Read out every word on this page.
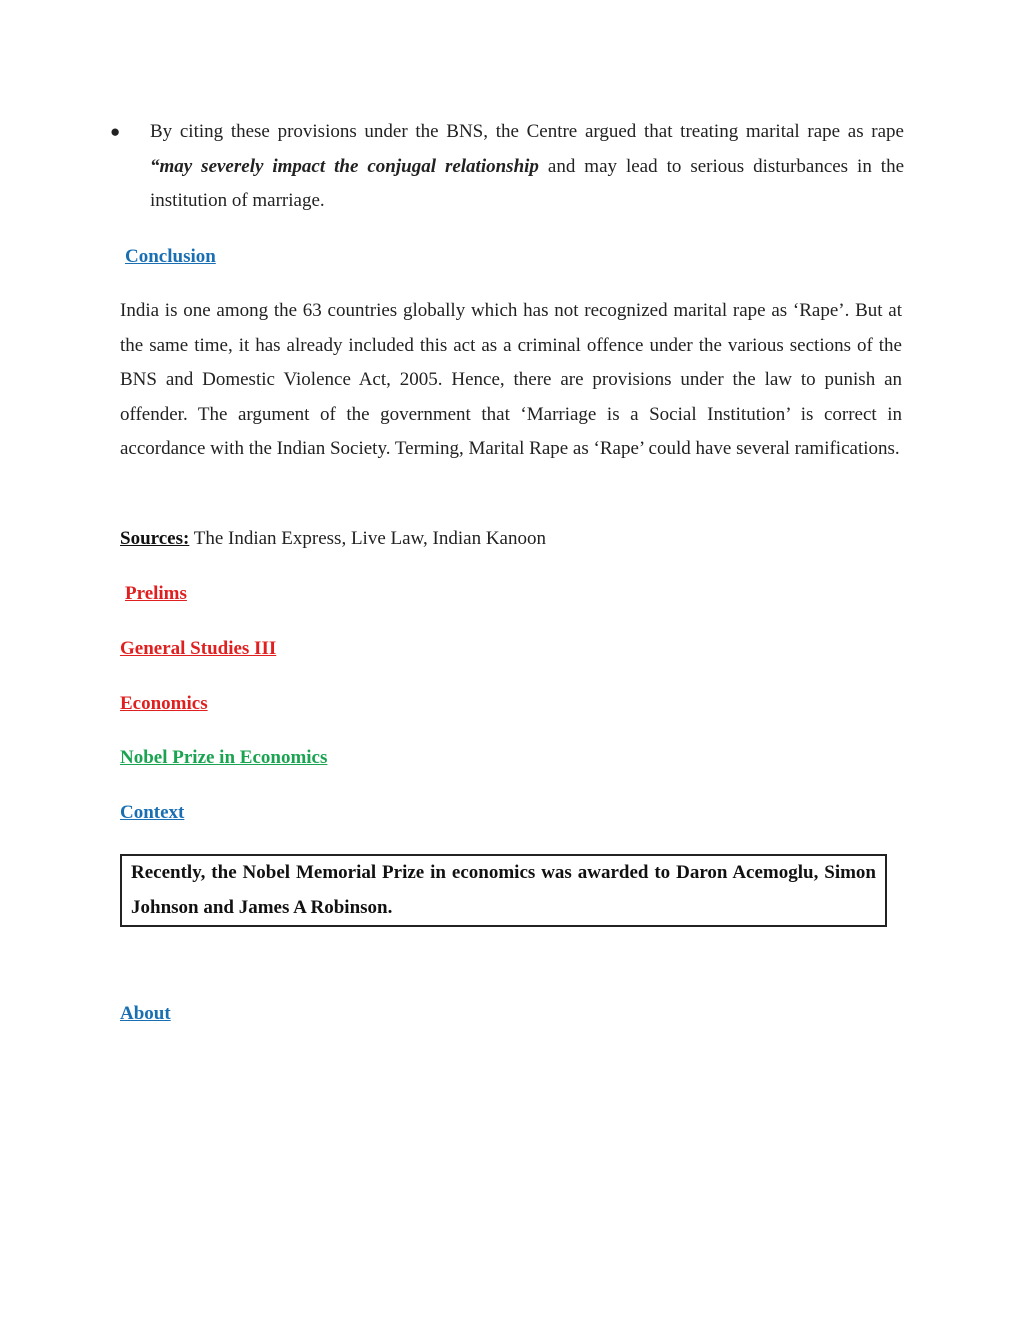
●	By citing these provisions under the BNS, the Centre argued that treating marital rape as rape “may severely impact the conjugal relationship and may lead to serious disturbances in the institution of marriage.
Conclusion
India is one among the 63 countries globally which has not recognized marital rape as ‘Rape’. But at the same time, it has already included this act as a criminal offence under the various sections of the BNS and Domestic Violence Act, 2005. Hence, there are provisions under the law to punish an offender. The argument of the government that ‘Marriage is a Social Institution’ is correct in accordance with the Indian Society. Terming, Marital Rape as ‘Rape’ could have several ramifications.
Sources: The Indian Express, Live Law, Indian Kanoon
Prelims
General Studies III
Economics
Nobel Prize in Economics
Context
Recently, the Nobel Memorial Prize in economics was awarded to Daron Acemoglu, Simon Johnson and James A Robinson.
About
